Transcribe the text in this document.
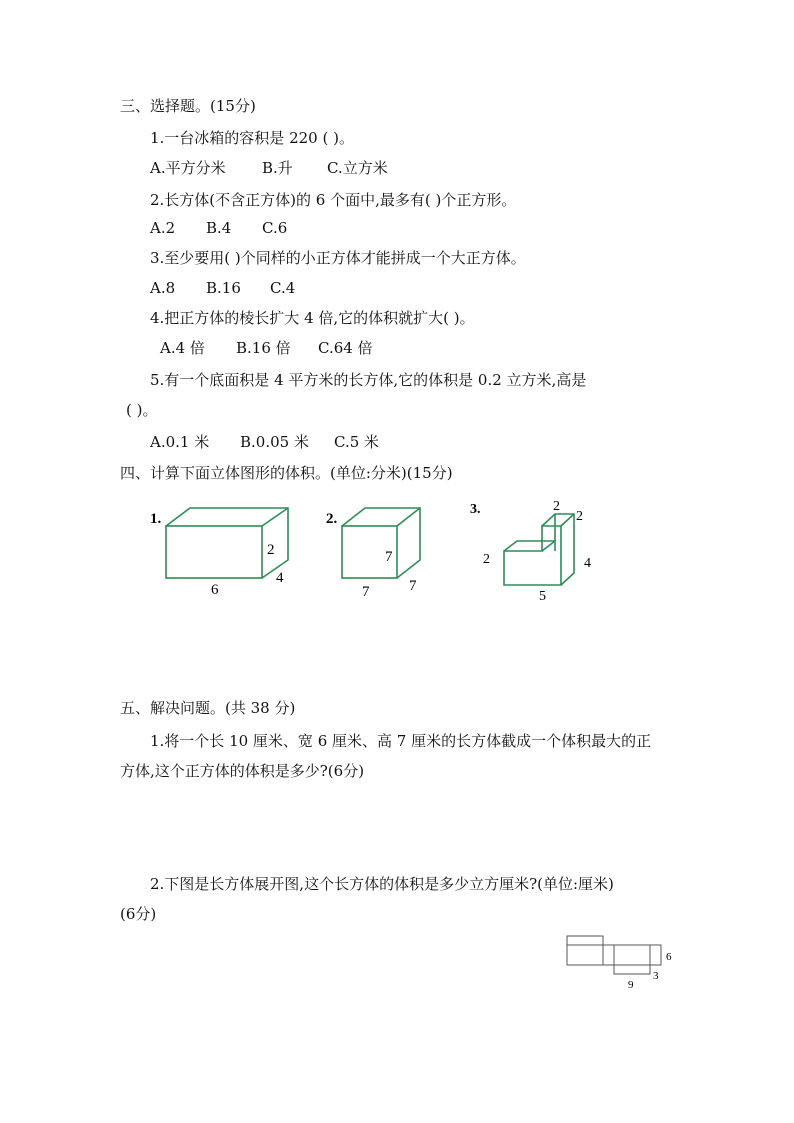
三、选择题。(15分)
1.一台冰箱的容积是 220 ( )。
A.平方分米 B.升 C.立方米
2.长方体(不含正方体)的 6 个面中,最多有( )个正方形。
A.2 B.4 C.6
3.至少要用( )个同样的小正方体才能拼成一个大正方体。
A.8 B.16 C.4
4.把正方体的棱长扩大 4 倍,它的体积就扩大( )。
A.4 倍 B.16 倍 C.64 倍
5.有一个底面积是 4 平方米的长方体,它的体积是 0.2 立方米,高是
( )。
A.0.1 米 B.0.05 米 C.5 米
四、计算下面立体图形的体积。(单位:分米)(15分)
1.
2
4
6
2.
7
7
7
3.	2
2
2	4
5
6
3
9
五、解决问题。(共 38 分)
1.将一个长 10 厘米、宽 6 厘米、高 7 厘米的长方体截成一个体积最大的正
方体,这个正方体的体积是多少?(6分)
2.下图是长方体展开图,这个长方体的体积是多少立方厘米?(单位:厘米)
(6分)
